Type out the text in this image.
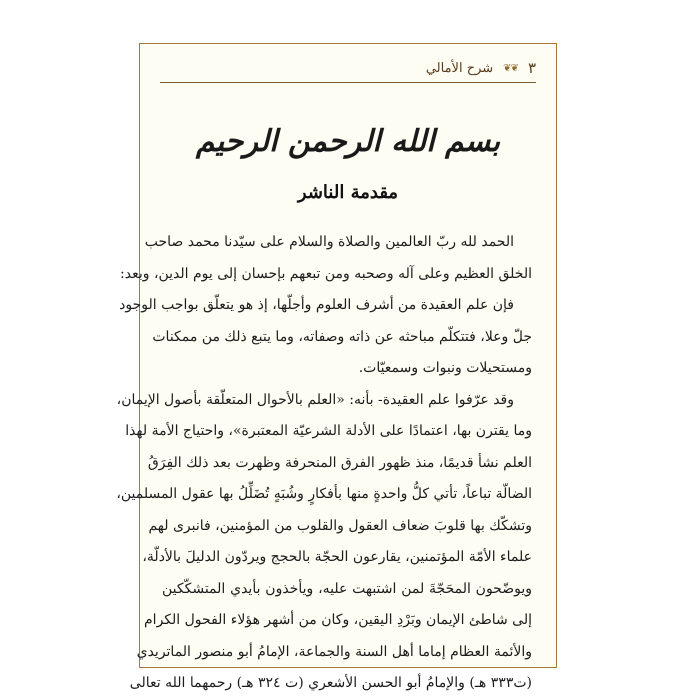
٣
❦❦
شرح الأمالي
بسم الله الرحمن الرحيم
مقدمة الناشر
الحمد لله ربّ العالمين والصلاة والسلام على سيّدنا محمد صاحب
الخلق العظيم وعلى آله وصحبه ومن تبعهم بإحسان إلى يوم الدين، وبعد:
فإن علم العقيدة من أشرف العلوم وأجلّها، إذ هو يتعلّق بواجب الوجود
جلّ وعلا، فتتكلّم مباحثه عن ذاته وصفاته، وما يتبع ذلك من ممكنات
ومستحيلات ونبوات وسمعيّات.
وقد عرّفوا علم العقيدة- بأنه: «العلم بالأحوال المتعلّقة بأصول الإيمان،
وما يقترن بها، اعتمادًا على الأدلة الشرعيّة المعتبرة»، واحتياج الأمة لهذا
العلم نشأ قديمًا، منذ ظهور الفرق المنحرفة وظهرت بعد ذلك الفِرَقُ
الضالّة تباعاً، تأتي كلُّ واحدةٍ منها بأفكارٍ وشُبَهٍ تُضَلِّلُ بها عقول المسلمين،
وتشكّك بها قلوبَ ضعاف العقول والقلوب من المؤمنين، فانبرى لهم
علماء الأمّة المؤتمنين، يقارعون الحجّة بالحجج ويردّون الدليلَ بالأدلّة،
ويوضّحون المحَجّةَ لمن اشتبهت عليه، ويأخذون بأيدي المتشكّكين
إلى شاطئ الإيمان وبَرْدِ اليقين، وكان من أشهر هؤلاء الفحول الكرام
والأئمة العظام إماما أهل السنة والجماعة، الإمامُ أبو منصور الماتريدي
(ت٣٣٣ هـ) والإمامُ أبو الحسن الأشعري (ت ٣٢٤ هـ) رحمهما الله تعالى
